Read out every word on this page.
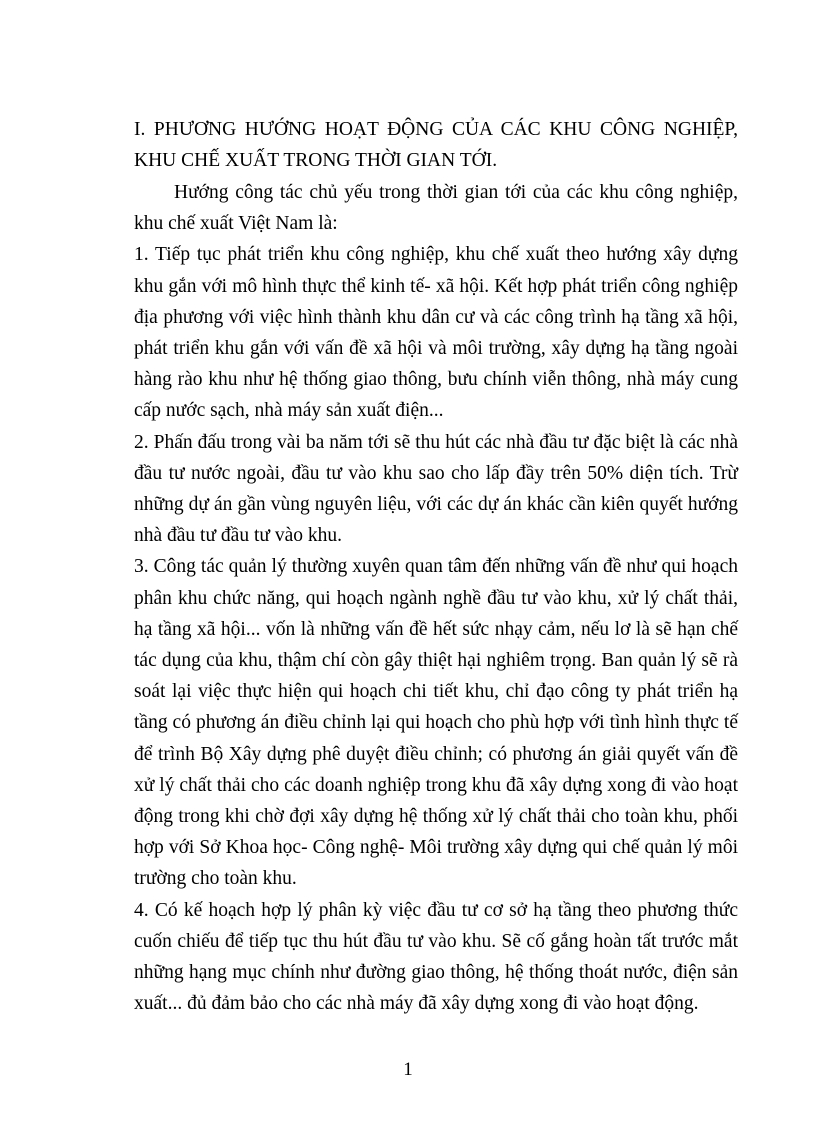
I. PHƯƠNG HƯỚNG HOẠT ĐỘNG CỦA CÁC KHU CÔNG NGHIỆP, KHU CHẾ XUẤT TRONG THỜI GIAN TỚI.

Hướng công tác chủ yếu trong thời gian tới của các khu công nghiệp, khu chế xuất Việt Nam là:

1. Tiếp tục phát triển khu công nghiệp, khu chế xuất theo hướng xây dựng khu gắn với mô hình thực thể kinh tế- xã hội. Kết hợp phát triển công nghiệp địa phương với việc hình thành khu dân cư và các công trình hạ tầng xã hội, phát triển khu gắn với vấn đề xã hội và môi trường, xây dựng hạ tầng ngoài hàng rào khu như hệ thống giao thông, bưu chính viễn thông, nhà máy cung cấp nước sạch, nhà máy sản xuất điện...

2. Phấn đấu trong vài ba năm tới sẽ thu hút các nhà đầu tư đặc biệt là các nhà đầu tư nước ngoài, đầu tư vào khu sao cho lấp đầy trên 50% diện tích. Trừ những dự án gần vùng nguyên liệu, với các dự án khác cần kiên quyết hướng nhà đầu tư đầu tư vào khu.

3. Công tác quản lý thường xuyên quan tâm đến những vấn đề như qui hoạch phân khu chức năng, qui hoạch ngành nghề đầu tư vào khu, xử lý chất thải, hạ tầng xã hội... vốn là những vấn đề hết sức nhạy cảm, nếu lơ là sẽ hạn chế tác dụng của khu, thậm chí còn gây thiệt hại nghiêm trọng. Ban quản lý sẽ rà soát lại việc thực hiện qui hoạch chi tiết khu, chỉ đạo công ty phát triển hạ tầng có phương án điều chỉnh lại qui hoạch cho phù hợp với tình hình thực tế để trình Bộ Xây dựng phê duyệt điều chỉnh; có phương án giải quyết vấn đề xử lý chất thải cho các doanh nghiệp trong khu đã xây dựng xong đi vào hoạt động trong khi chờ đợi xây dựng hệ thống xử lý chất thải cho toàn khu, phối hợp với Sở Khoa học- Công nghệ- Môi trường xây dựng qui chế quản lý môi trường cho toàn khu.

4. Có kế hoạch hợp lý phân kỳ việc đầu tư cơ sở hạ tầng theo phương thức cuốn chiếu để tiếp tục thu hút đầu tư vào khu. Sẽ cố gắng hoàn tất trước mắt những hạng mục chính như đường giao thông, hệ thống thoát nước, điện sản xuất... đủ đảm bảo cho các nhà máy đã xây dựng xong đi vào hoạt động.

1
